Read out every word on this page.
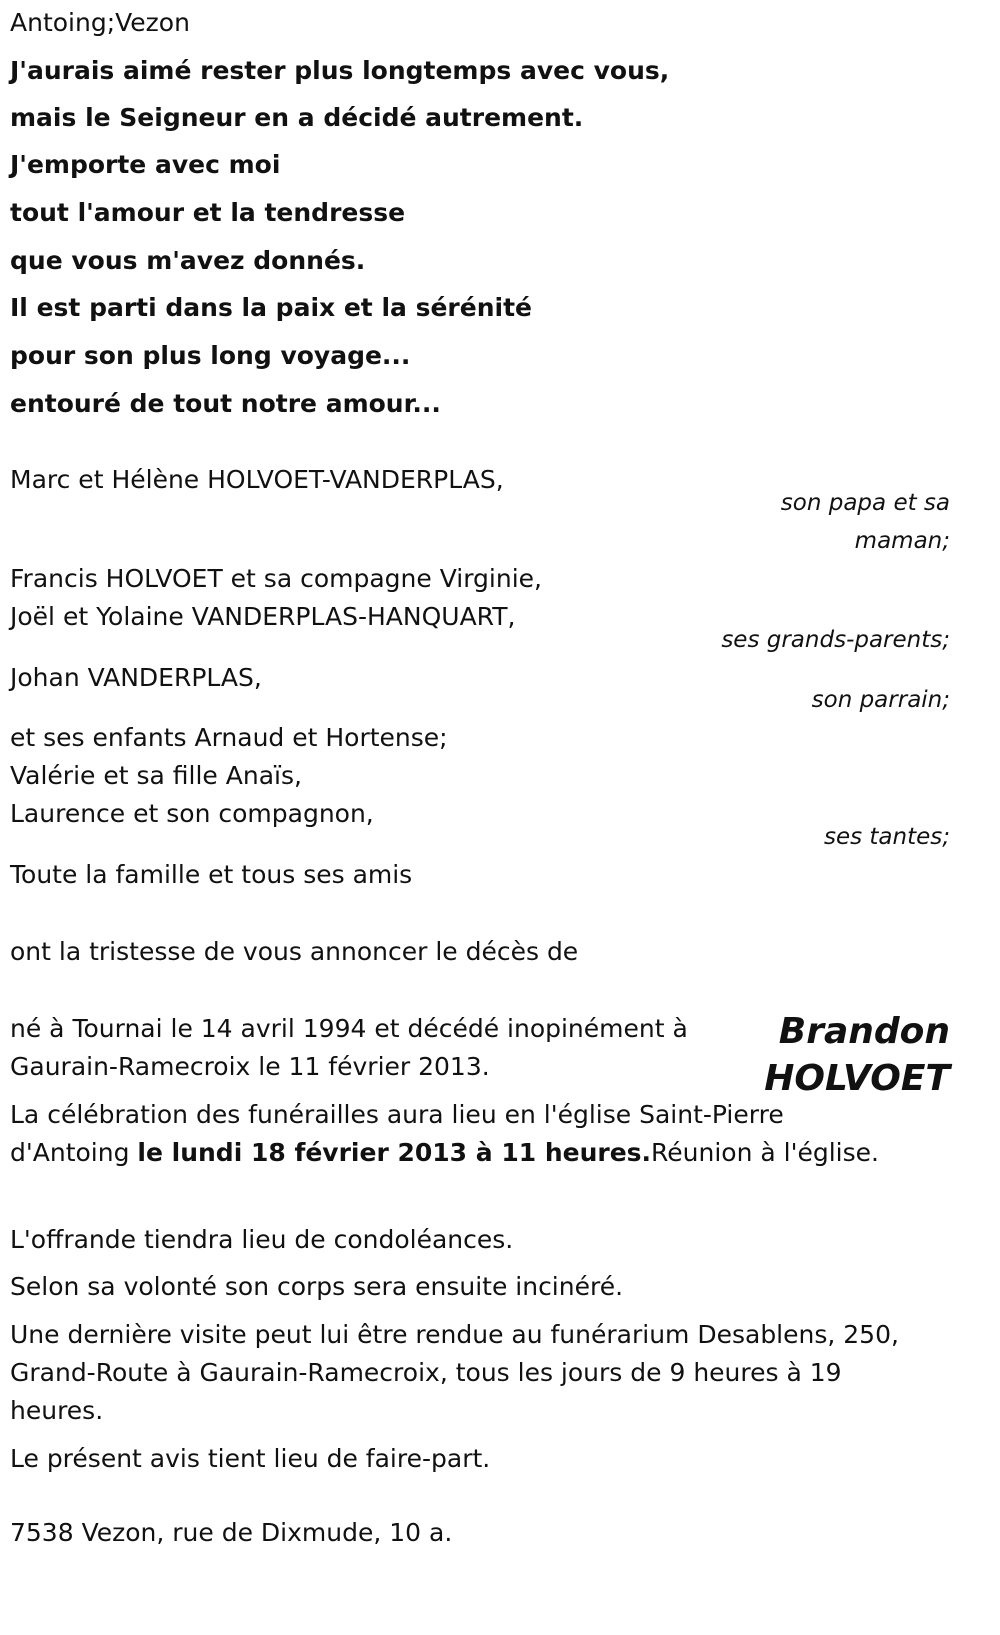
Antoing;Vezon
J'aurais aimé rester plus longtemps avec vous,
mais le Seigneur en a décidé autrement.
J'emporte avec moi
tout l'amour et la tendresse
que vous m'avez donnés.
Il est parti dans la paix et la sérénité
pour son plus long voyage...
entouré de tout notre amour...
Marc et Hélène HOLVOET-VANDERPLAS,
son papa et sa
maman;
Francis HOLVOET et sa compagne Virginie,
Joël et Yolaine VANDERPLAS-HANQUART,
ses grands-parents;
Johan VANDERPLAS,
son parrain;
et ses enfants Arnaud et Hortense;
Valérie et sa fille Anaïs,
Laurence et son compagnon,
ses tantes;
Toute la famille et tous ses amis
ont la tristesse de vous annoncer le décès de
Brandon
HOLVOET
né à Tournai le 14 avril 1994 et décédé inopinément à
Gaurain-Ramecroix le 11 février 2013.
La célébration des funérailles aura lieu en l'église Saint-Pierre d'Antoing le lundi 18 février 2013 à 11 heures.Réunion à l'église.
L'offrande tiendra lieu de condoléances.
Selon sa volonté son corps sera ensuite incinéré.
Une dernière visite peut lui être rendue au funérarium Desablens, 250, Grand-Route à Gaurain-Ramecroix, tous les jours de 9 heures à 19 heures.
Le présent avis tient lieu de faire-part.
7538 Vezon, rue de Dixmude, 10 a.
